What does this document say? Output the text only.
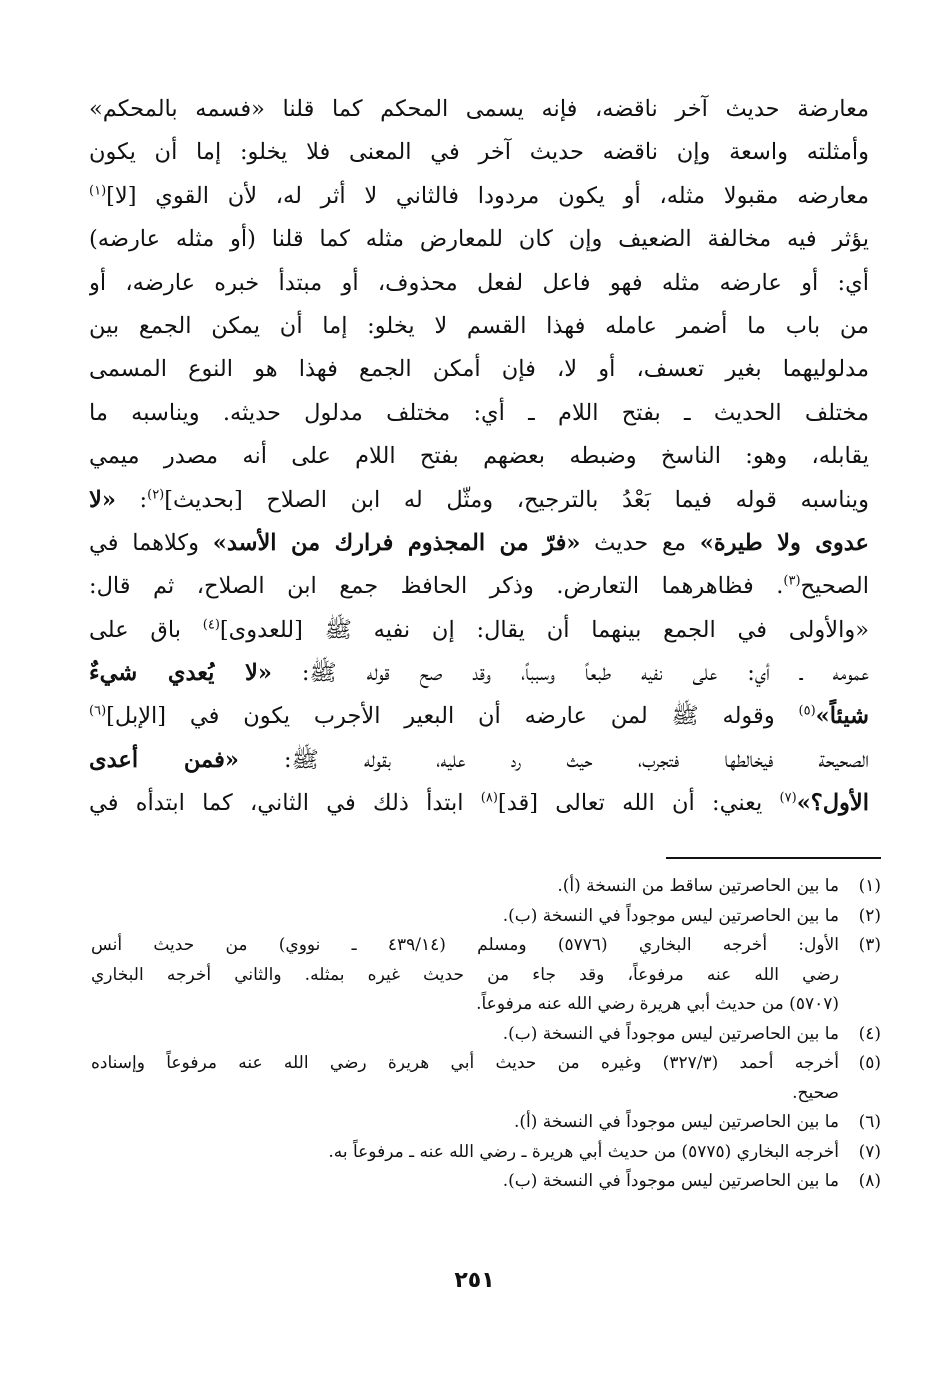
معارضة حديث آخر ناقضه، فإنه يسمى المحكم كما قلنا «فسمه بالمحكم»
وأمثلته واسعة وإن ناقضه حديث آخر في المعنى فلا يخلو: إما أن يكون
معارضه مقبولا مثله، أو يكون مردودا فالثاني لا أثر له، لأن القوي [لا]$^{(١)}$
يؤثر فيه مخالفة الضعيف وإن كان للمعارض مثله كما قلنا (أو مثله عارضه)
أي: أو عارضه مثله فهو فاعل لفعل محذوف، أو مبتدأ خبره عارضه، أو
من باب ما أضمر عامله فهذا القسم لا يخلو: إما أن يمكن الجمع بين
مدلوليهما بغير تعسف، أو لا، فإن أمكن الجمع فهذا هو النوع المسمى
مختلف الحديث ـ بفتح اللام ـ أي: مختلف مدلول حديثه. ويناسبه ما
يقابله، وهو: الناسخ وضبطه بعضهم بفتح اللام على أنه مصدر ميمي
ويناسبه قوله فيما بَعْدُ بالترجيح، ومثّل له ابن الصلاح [بحديث]$^{(٢)}$: «لا
عدوى ولا طيرة» مع حديث «فرّ من المجذوم فرارك من الأسد» وكلاهما في
الصحيح$^{(٣)}$. فظاهرهما التعارض. وذكر الحافظ جمع ابن الصلاح، ثم قال:
«والأولى في الجمع بينهما أن يقال: إن نفيه ﷺ [للعدوى]$^{(٤)}$ باق على
عمومه ـ أي: على نفيه طبعاً وسبباً، وقد صح قوله ﷺ: «لا يُعدي شيءٌ
شيئاً»$^{(٥)}$ وقوله ﷺ لمن عارضه أن البعير الأجرب يكون في [الإبل]$^{(٦)}$
الصحيحة فيخالطها فتجرب، حيث رد عليه، بقوله ﷺ: «فمن أعدى
الأول؟»$^{(٧)}$ يعني: أن الله تعالى [قد]$^{(٨)}$ ابتدأ ذلك في الثاني، كما ابتدأه في
(١)
ما بين الحاصرتين ساقط من النسخة (أ).
(٢)
ما بين الحاصرتين ليس موجوداً في النسخة (ب).
(٣)
الأول: أخرجه البخاري (٥٧٧٦) ومسلم (٤٣٩/١٤ ـ نووي) من حديث أنس
رضي الله عنه مرفوعاً، وقد جاء من حديث غيره بمثله. والثاني أخرجه البخاري
(٥٧٠٧) من حديث أبي هريرة رضي الله عنه مرفوعاً.
(٤)
ما بين الحاصرتين ليس موجوداً في النسخة (ب).
(٥)
أخرجه أحمد (٣٢٧/٣) وغيره من حديث أبي هريرة رضي الله عنه مرفوعاً وإسناده
صحيح.
(٦)
ما بين الحاصرتين ليس موجوداً في النسخة (أ).
(٧)
أخرجه البخاري (٥٧٧٥) من حديث أبي هريرة ـ رضي الله عنه ـ مرفوعاً به.
(٨)
ما بين الحاصرتين ليس موجوداً في النسخة (ب).
٢٥١
